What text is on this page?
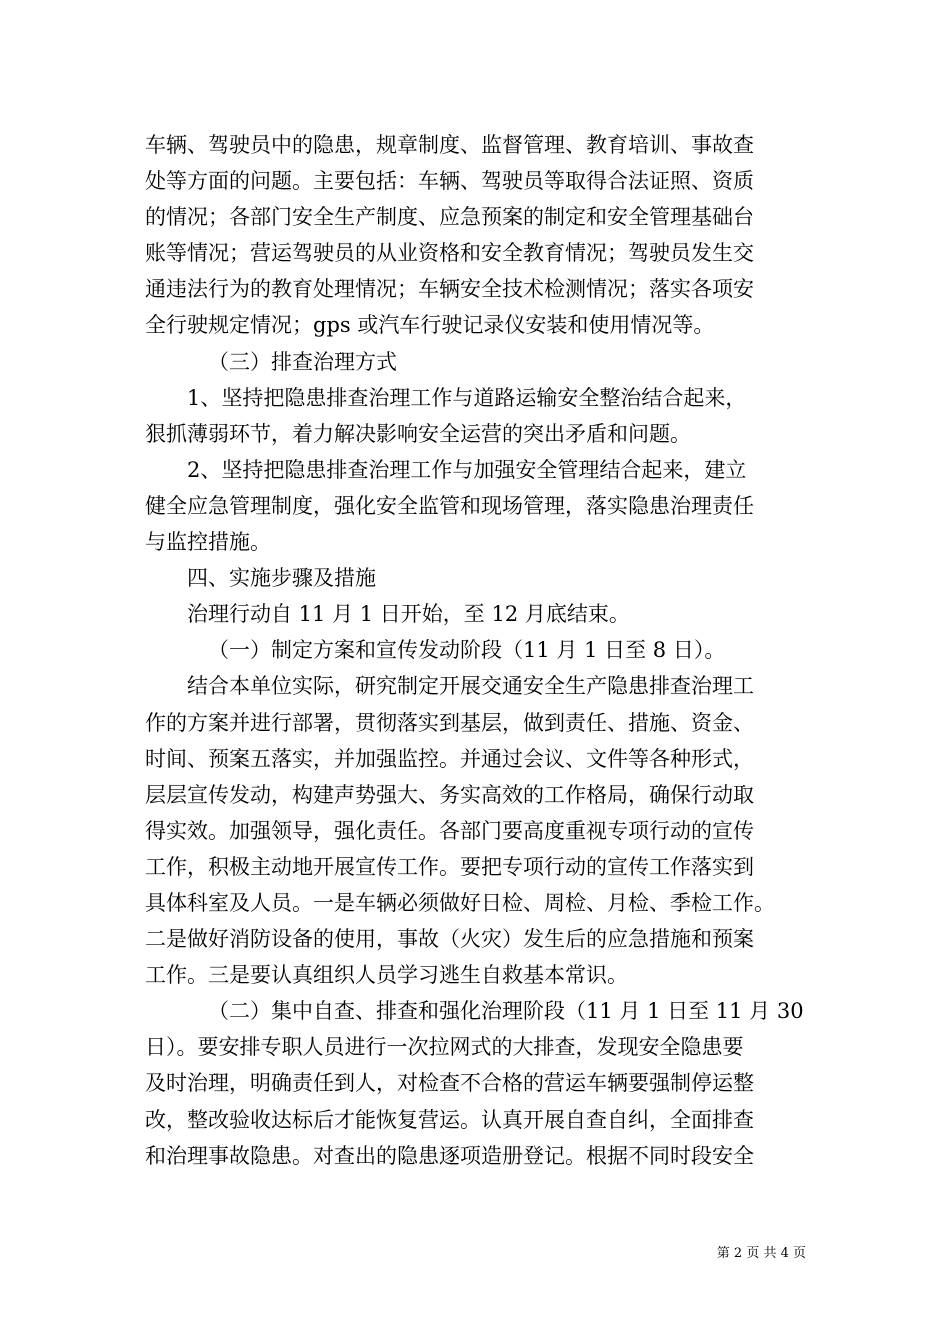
车辆、驾驶员中的隐患，规章制度、监督管理、教育培训、事故查
处等方面的问题。主要包括：车辆、驾驶员等取得合法证照、资质
的情况；各部门安全生产制度、应急预案的制定和安全管理基础台
账等情况；营运驾驶员的从业资格和安全教育情况；驾驶员发生交
通违法行为的教育处理情况；车辆安全技术检测情况；落实各项安
全行驶规定情况；gps 或汽车行驶记录仪安装和使用情况等。
（三）排查治理方式
1、坚持把隐患排查治理工作与道路运输安全整治结合起来，
狠抓薄弱环节，着力解决影响安全运营的突出矛盾和问题。
2、坚持把隐患排查治理工作与加强安全管理结合起来，建立
健全应急管理制度，强化安全监管和现场管理，落实隐患治理责任
与监控措施。
四、实施步骤及措施
治理行动自 11 月 1 日开始，至 12 月底结束。
（一）制定方案和宣传发动阶段（11 月 1 日至 8 日）。
结合本单位实际，研究制定开展交通安全生产隐患排查治理工
作的方案并进行部署，贯彻落实到基层，做到责任、措施、资金、
时间、预案五落实，并加强监控。并通过会议、文件等各种形式，
层层宣传发动，构建声势强大、务实高效的工作格局，确保行动取
得实效。加强领导，强化责任。各部门要高度重视专项行动的宣传
工作，积极主动地开展宣传工作。要把专项行动的宣传工作落实到
具体科室及人员。一是车辆必须做好日检、周检、月检、季检工作。
二是做好消防设备的使用，事故（火灾）发生后的应急措施和预案
工作。三是要认真组织人员学习逃生自救基本常识。
（二）集中自查、排查和强化治理阶段（11 月 1 日至 11 月 30
日）。要安排专职人员进行一次拉网式的大排查，发现安全隐患要
及时治理，明确责任到人，对检查不合格的营运车辆要强制停运整
改，整改验收达标后才能恢复营运。认真开展自查自纠，全面排查
和治理事故隐患。对查出的隐患逐项造册登记。根据不同时段安全
第 2 页 共 4 页
